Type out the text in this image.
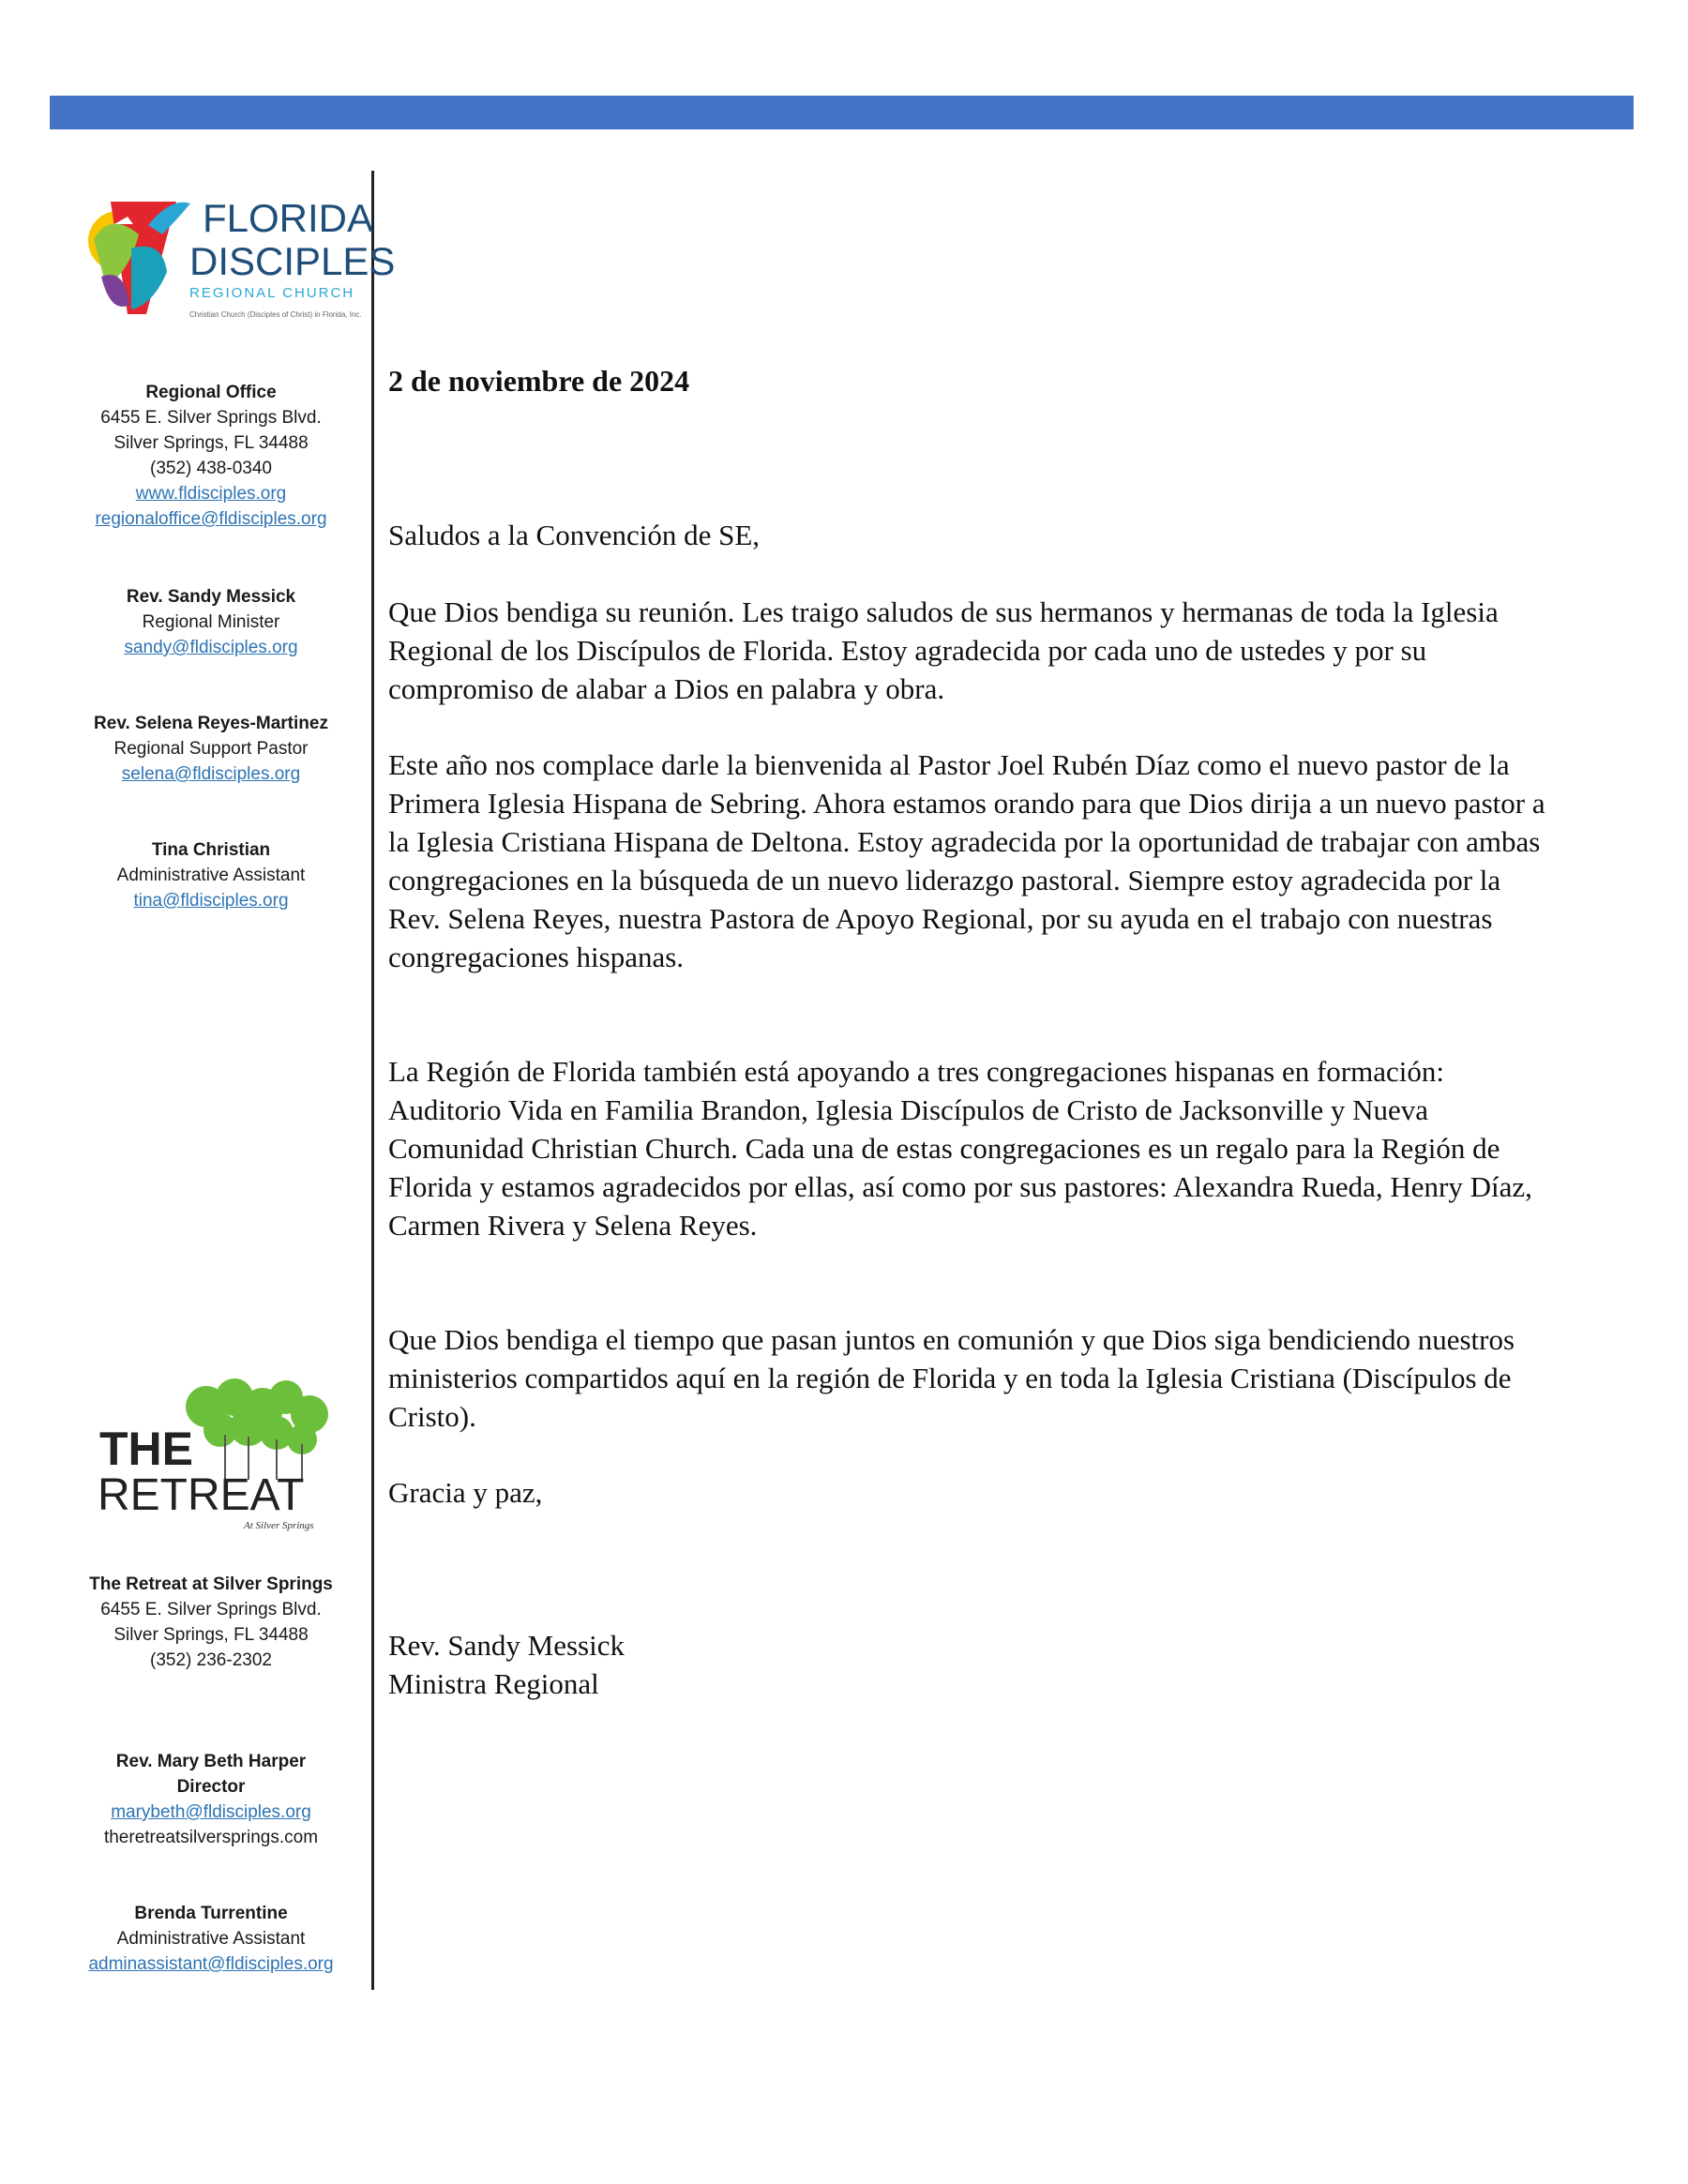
FLORIDA
DISCIPLES
REGIONAL CHURCH
Christian Church (Disciples of Christ) in Florida, Inc.
Regional Office
6455 E. Silver Springs Blvd.
Silver Springs, FL 34488
(352) 438-0340
www.fldisciples.org
regionaloffice@fldisciples.org
Rev. Sandy Messick
Regional Minister
sandy@fldisciples.org
Rev. Selena Reyes-Martinez
Regional Support Pastor
selena@fldisciples.org
Tina Christian
Administrative Assistant
tina@fldisciples.org
THE
RETREAT
At Silver Springs
The Retreat at Silver Springs
6455 E. Silver Springs Blvd.
Silver Springs, FL 34488
(352) 236-2302
Rev. Mary Beth Harper
Director
marybeth@fldisciples.org
theretreatsilversprings.com
Brenda Turrentine
Administrative Assistant
adminassistant@fldisciples.org
2 de noviembre de 2024

Saludos a la Convención de SE,

Que Dios bendiga su reunión. Les traigo saludos de sus hermanos y hermanas de toda la Iglesia Regional de los Discípulos de Florida. Estoy agradecida por cada uno de ustedes y por su compromiso de alabar a Dios en palabra y obra.

Este año nos complace darle la bienvenida al Pastor Joel Rubén Díaz como el nuevo pastor de la Primera Iglesia Hispana de Sebring. Ahora estamos orando para que Dios dirija a un nuevo pastor a la Iglesia Cristiana Hispana de Deltona. Estoy agradecida por la oportunidad de trabajar con ambas congregaciones en la búsqueda de un nuevo liderazgo pastoral. Siempre estoy agradecida por la Rev. Selena Reyes, nuestra Pastora de Apoyo Regional, por su ayuda en el trabajo con nuestras congregaciones hispanas.

La Región de Florida también está apoyando a tres congregaciones hispanas en formación: Auditorio Vida en Familia Brandon, Iglesia Discípulos de Cristo de Jacksonville y Nueva Comunidad Christian Church. Cada una de estas congregaciones es un regalo para la Región de Florida y estamos agradecidos por ellas, así como por sus pastores: Alexandra Rueda, Henry Díaz, Carmen Rivera y Selena Reyes.

Que Dios bendiga el tiempo que pasan juntos en comunión y que Dios siga bendiciendo nuestros ministerios compartidos aquí en la región de Florida y en toda la Iglesia Cristiana (Discípulos de Cristo).

Gracia y paz,

Rev. Sandy Messick

Ministra Regional
